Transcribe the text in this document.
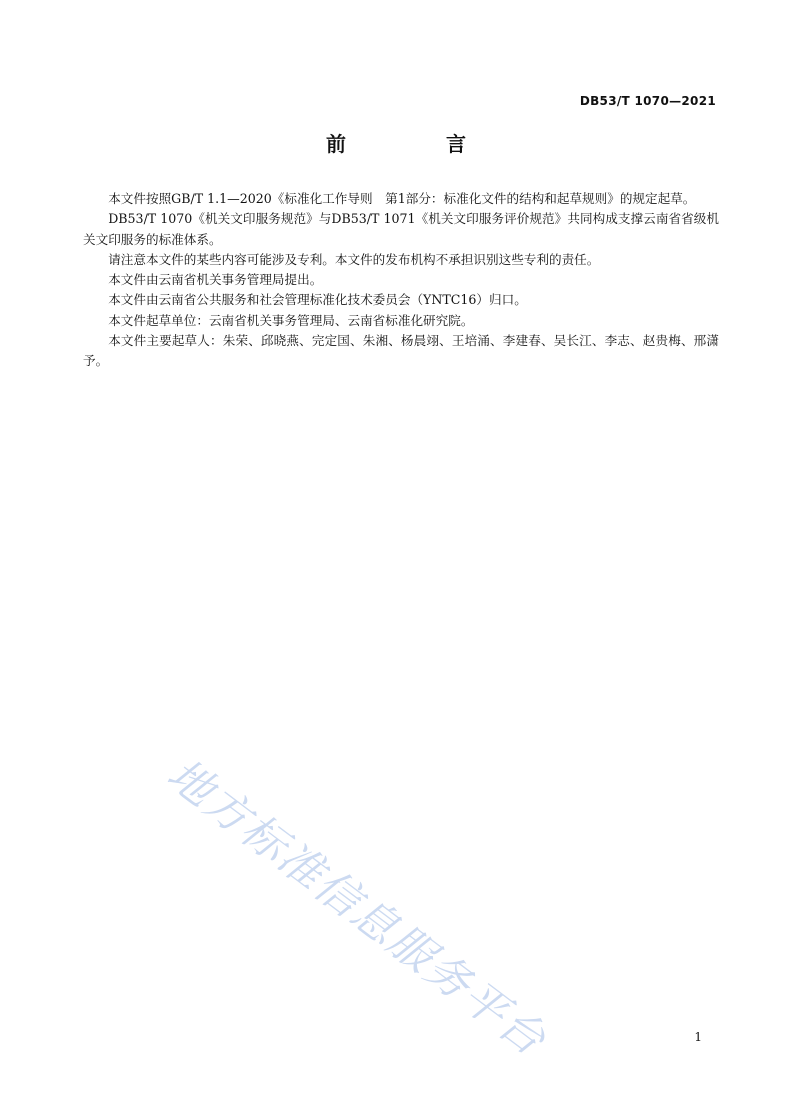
DB53/T 1070—2021
前　言

本文件按照GB/T 1.1—2020《标准化工作导则　第1部分：标准化文件的结构和起草规则》的规定起草。

DB53/T 1070《机关文印服务规范》与DB53/T 1071《机关文印服务评价规范》共同构成支撑云南省省级机关文印服务的标准体系。

请注意本文件的某些内容可能涉及专利。本文件的发布机构不承担识别这些专利的责任。

本文件由云南省机关事务管理局提出。

本文件由云南省公共服务和社会管理标准化技术委员会（YNTC16）归口。

本文件起草单位：云南省机关事务管理局、云南省标准化研究院。

本文件主要起草人：朱荣、邱晓燕、完定国、朱湘、杨晨翊、王培涌、李建春、吴长江、李志、赵贵梅、邢潇予。

地方标准信息服务平台	1
